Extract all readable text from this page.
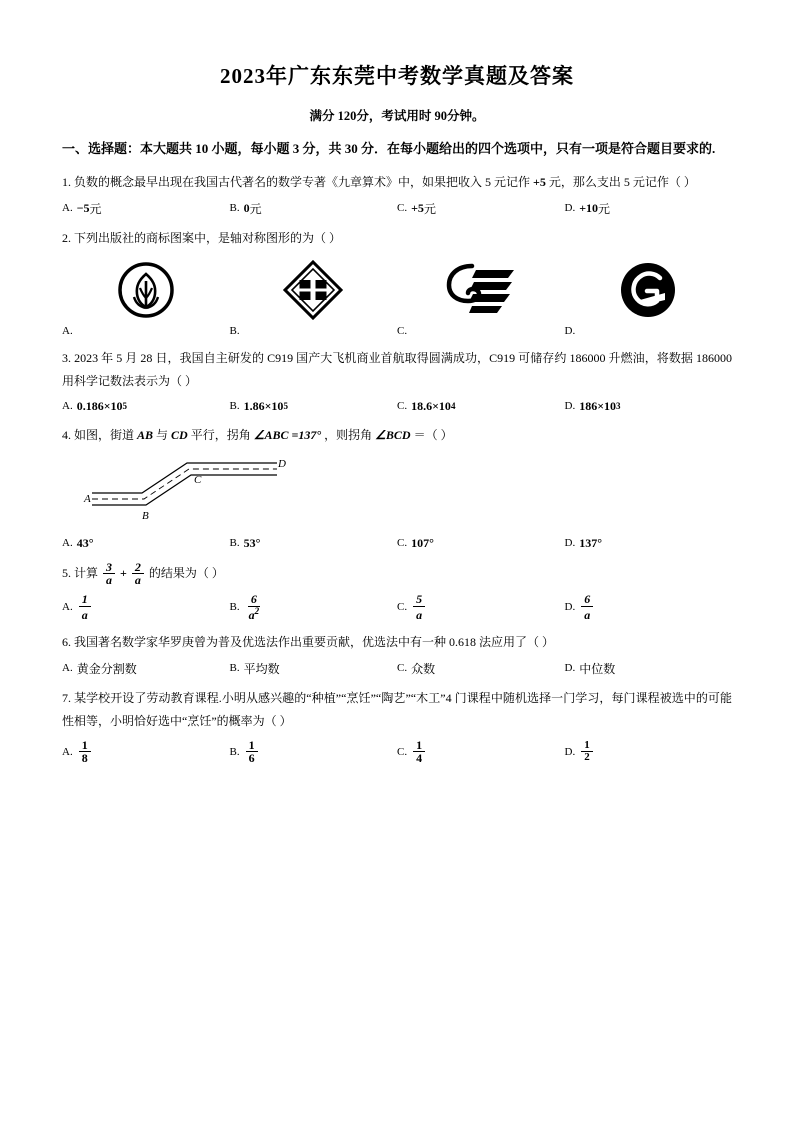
2023年广东东莞中考数学真题及答案
满分 120分，考试用时 90分钟。
一、选择题：本大题共 10 小题，每小题 3 分，共 30 分．在每小题给出的四个选项中，只有一项是符合题目要求的.
1. 负数的概念最早出现在我国古代著名的数学专著《九章算术》中，如果把收入 5 元记作 +5 元，那么支出 5 元记作（ ）
A. −5 元	B. 0 元	C. +5 元	D. +10 元
2. 下列出版社的商标图案中，是轴对称图形的为（ ）
A.	B.	C.	D.
3. 2023 年 5 月 28 日，我国自主研发的 C919 国产大飞机商业首航取得圆满成功，C919 可储存约 186000 升燃油，将数据 186000 用科学记数法表示为（ ）
A. 0.186×10 5	B. 1.86×10 5	C. 18.6×10 4	D. 186×10 3
4. 如图，街道 AB 与 CD 平行，拐角 ∠ABC =137° ，则拐角 ∠BCD ＝（ ）
A
B
C
D
A. 43°	B. 53°	C. 107°	D. 137°
5. 计算 $\frac{3}{a} + \frac{2}{a}$ 的结果为（ ）
A. $\frac{1}{a}$	B. $\frac{6}{a^2}$	C. $\frac{5}{a}$	D. $\frac{6}{a}$
6. 我国著名数学家华罗庚曾为普及优选法作出重要贡献，优选法中有一种 0.618 法应用了（ ）
A. 黄金分割数	B. 平均数	C. 众数	D. 中位数
7. 某学校开设了劳动教育课程.小明从感兴趣的“种植”“烹饪”“陶艺”“木工”4 门课程中随机选择一门学习，每门课程被选中的可能性相等，小明恰好选中“烹饪”的概率为（ ）
A. $\frac{1}{8}$	B. $\frac{1}{6}$	C. $\frac{1}{4}$	D. $\frac{1}{2}$
